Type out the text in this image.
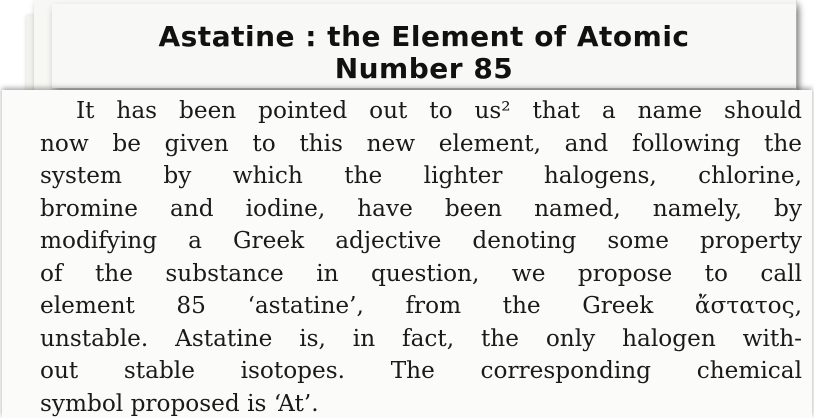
Astatine : the Element of Atomic
Number 85
It has been pointed out to us² that a name should
now be given to this new element, and following the
system by which the lighter halogens, chlorine,
bromine and iodine, have been named, namely, by
modifying a Greek adjective denoting some property
of the substance in question, we propose to call
element 85 ‘astatine’, from the Greek ἄστατος,
unstable. Astatine is, in fact, the only halogen with-
out stable isotopes. The corresponding chemical
symbol proposed is ‘At’.
